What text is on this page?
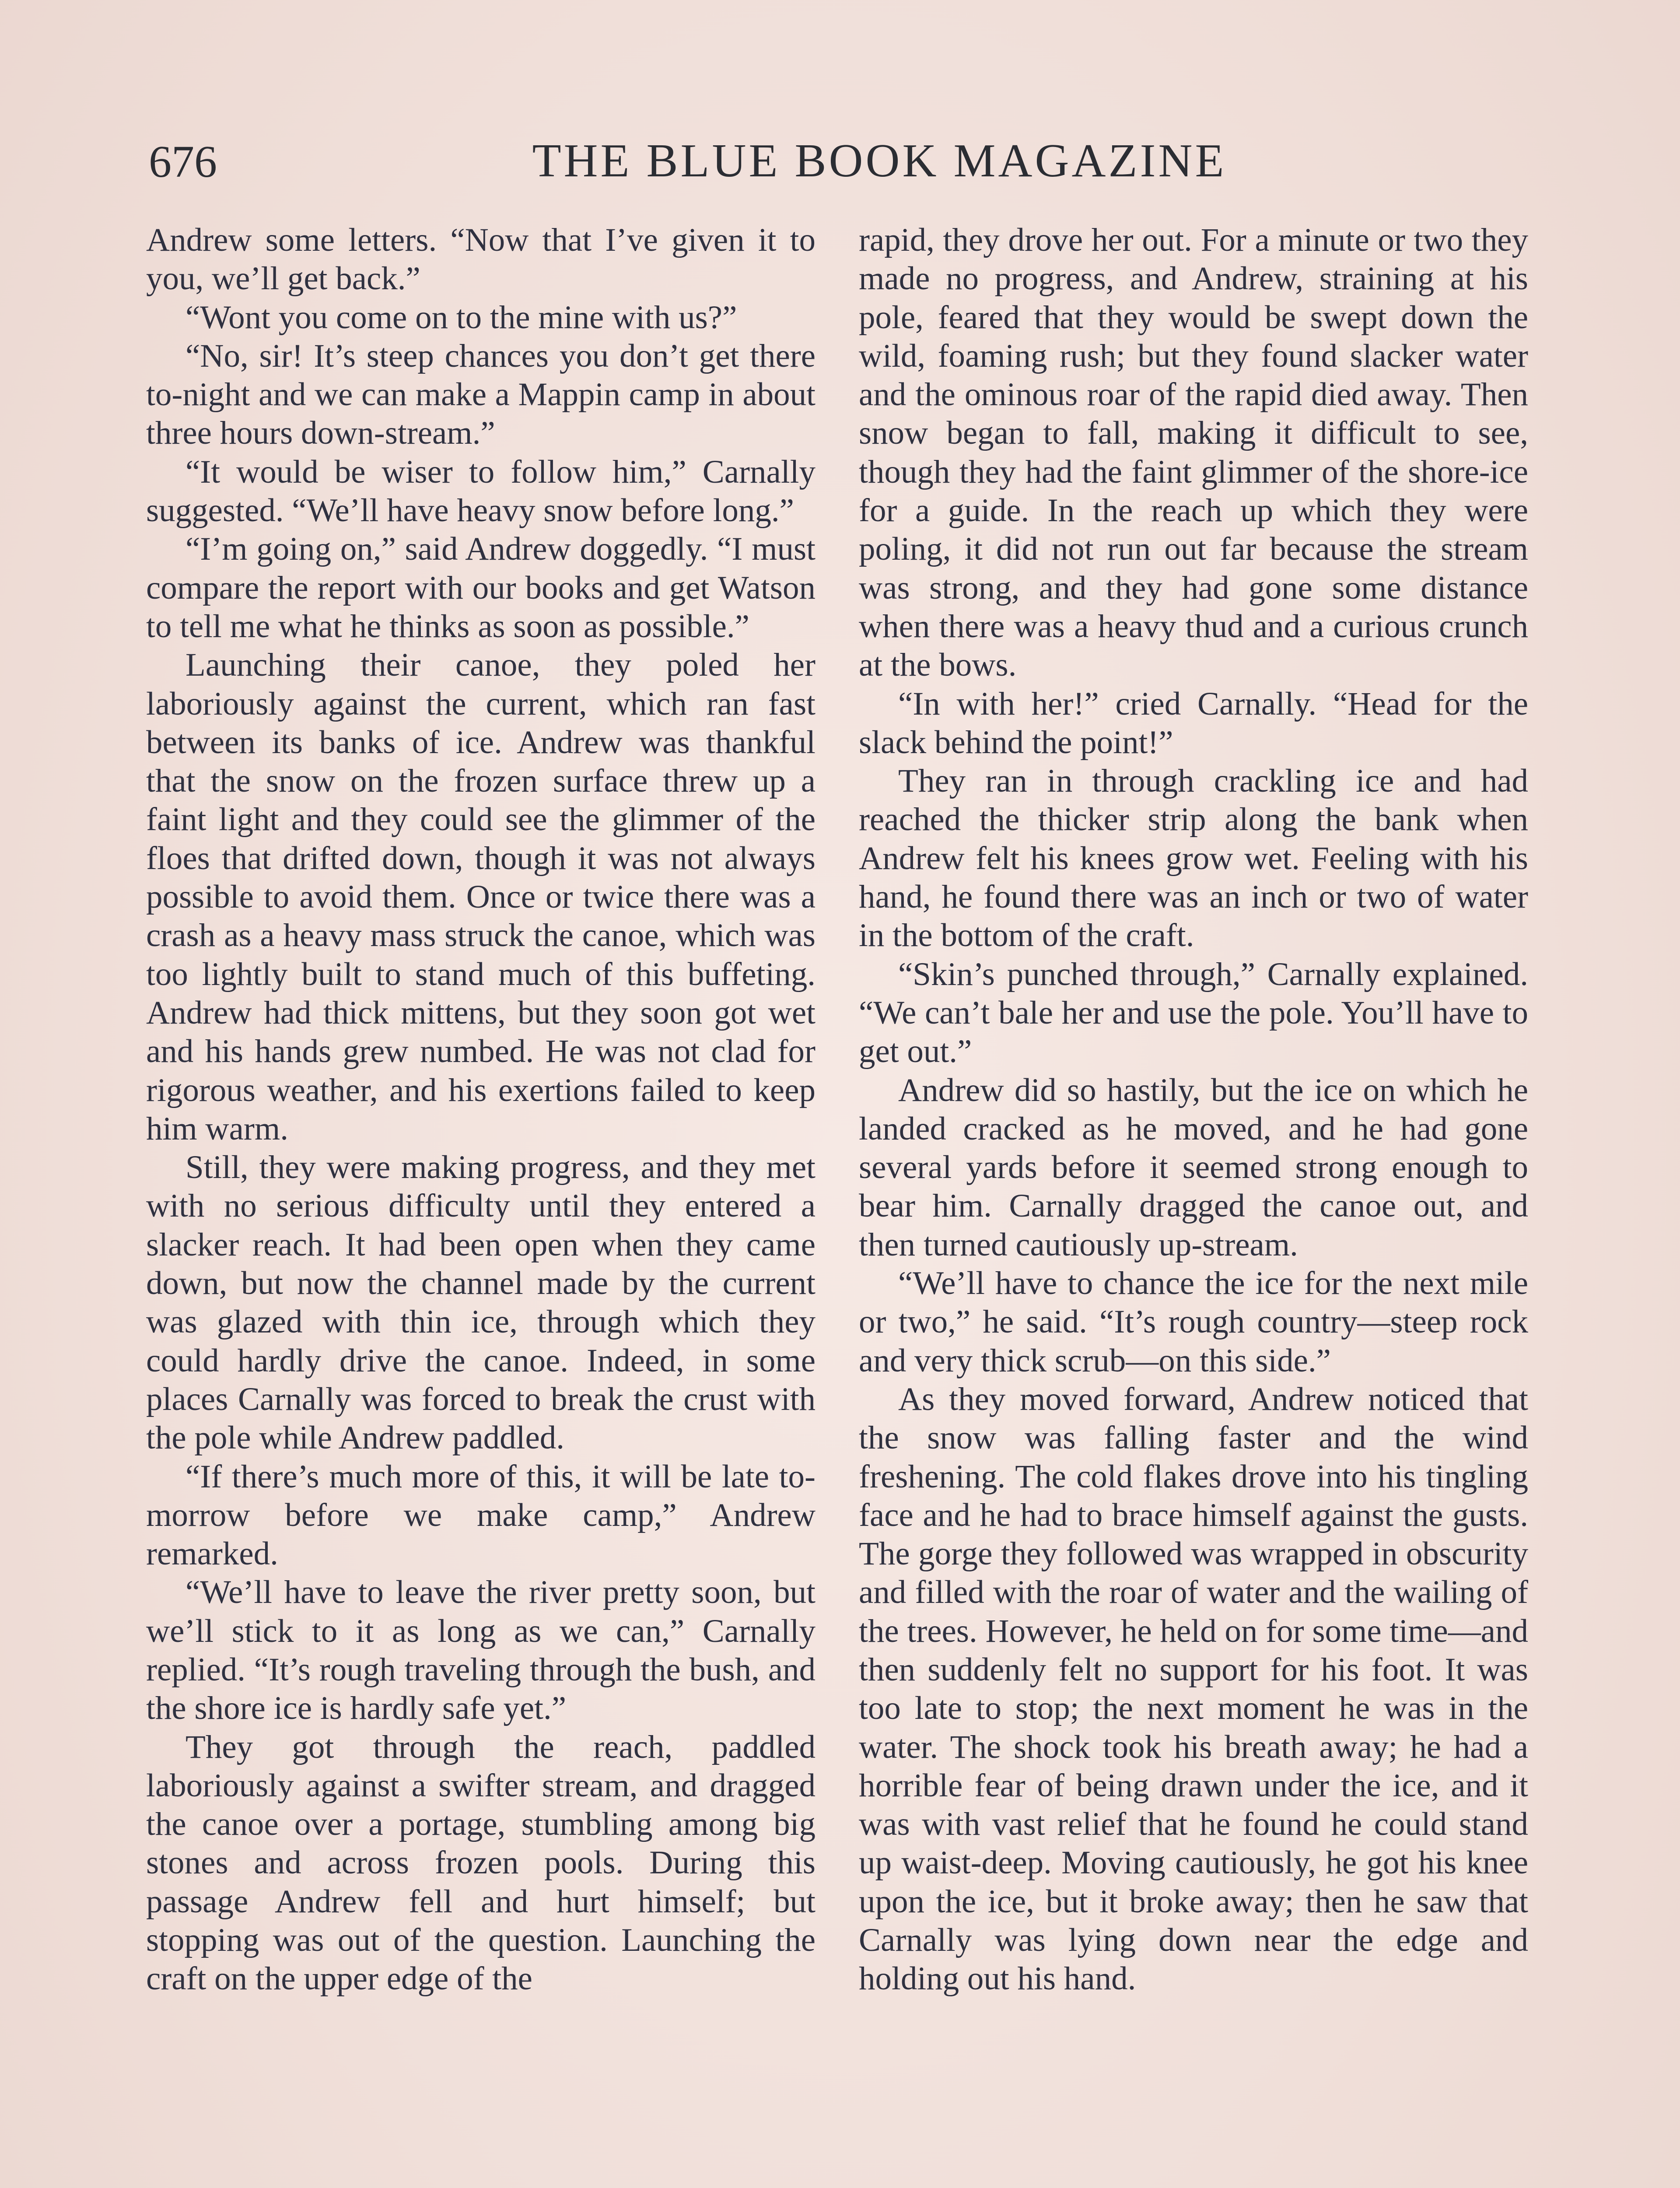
676	THE BLUE BOOK MAGAZINE

Andrew some letters. “Now that I’ve given it to you, we’ll get back.”

“Wont you come on to the mine with us?”

“No, sir! It’s steep chances you don’t get there to-night and we can make a Mappin camp in about three hours down-stream.”

“It would be wiser to follow him,” Carnally suggested. “We’ll have heavy snow before long.”

“I’m going on,” said Andrew doggedly. “I must compare the report with our books and get Watson to tell me what he thinks as soon as possible.”

Launching their canoe, they poled her laboriously against the current, which ran fast between its banks of ice. Andrew was thankful that the snow on the frozen surface threw up a faint light and they could see the glimmer of the floes that drifted down, though it was not always possible to avoid them. Once or twice there was a crash as a heavy mass struck the canoe, which was too lightly built to stand much of this buffeting. Andrew had thick mittens, but they soon got wet and his hands grew numbed. He was not clad for rigorous weather, and his exertions failed to keep him warm.

Still, they were making progress, and they met with no serious difficulty until they entered a slacker reach. It had been open when they came down, but now the channel made by the current was glazed with thin ice, through which they could hardly drive the canoe. Indeed, in some places Carnally was forced to break the crust with the pole while Andrew paddled.

“If there’s much more of this, it will be late to-morrow before we make camp,” Andrew remarked.

“We’ll have to leave the river pretty soon, but we’ll stick to it as long as we can,” Carnally replied. “It’s rough traveling through the bush, and the shore ice is hardly safe yet.”

They got through the reach, paddled laboriously against a swifter stream, and dragged the canoe over a portage, stumbling among big stones and across frozen pools. During this passage Andrew fell and hurt himself; but stopping was out of the question. Launching the craft on the upper edge of the

rapid, they drove her out. For a minute or two they made no progress, and Andrew, straining at his pole, feared that they would be swept down the wild, foaming rush; but they found slacker water and the ominous roar of the rapid died away. Then snow began to fall, making it difficult to see, though they had the faint glimmer of the shore-ice for a guide. In the reach up which they were poling, it did not run out far because the stream was strong, and they had gone some distance when there was a heavy thud and a curious crunch at the bows.

“In with her!” cried Carnally. “Head for the slack behind the point!”

They ran in through crackling ice and had reached the thicker strip along the bank when Andrew felt his knees grow wet. Feeling with his hand, he found there was an inch or two of water in the bottom of the craft.

“Skin’s punched through,” Carnally explained. “We can’t bale her and use the pole. You’ll have to get out.”

Andrew did so hastily, but the ice on which he landed cracked as he moved, and he had gone several yards before it seemed strong enough to bear him. Carnally dragged the canoe out, and then turned cautiously up-stream.

“We’ll have to chance the ice for the next mile or two,” he said. “It’s rough country—steep rock and very thick scrub—on this side.”

As they moved forward, Andrew noticed that the snow was falling faster and the wind freshening. The cold flakes drove into his tingling face and he had to brace himself against the gusts. The gorge they followed was wrapped in obscurity and filled with the roar of water and the wailing of the trees. However, he held on for some time—and then suddenly felt no support for his foot. It was too late to stop; the next moment he was in the water. The shock took his breath away; he had a horrible fear of being drawn under the ice, and it was with vast relief that he found he could stand up waist-deep. Moving cautiously, he got his knee upon the ice, but it broke away; then he saw that Carnally was lying down near the edge and holding out his hand.
